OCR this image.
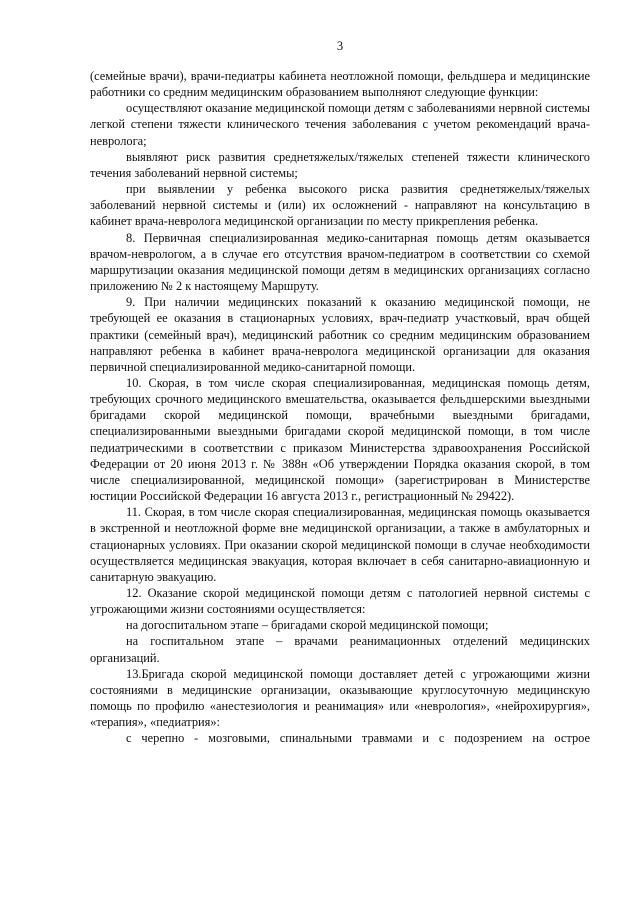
3

(семейные врачи), врачи-педиатры кабинета неотложной помощи, фельдшера и медицинские работники со средним медицинским образованием выполняют следующие функции:

осуществляют оказание медицинской помощи детям с заболеваниями нервной системы легкой степени тяжести клинического течения заболевания с учетом рекомендаций врача-невролога;

выявляют риск развития среднетяжелых/тяжелых степеней тяжести клинического течения заболеваний нервной системы;

при выявлении у ребенка высокого риска развития среднетяжелых/тяжелых заболеваний нервной системы и (или) их осложнений - направляют на консультацию в кабинет врача-невролога медицинской организации по месту прикрепления ребенка.

8. Первичная специализированная медико-санитарная помощь детям оказывается врачом-неврологом, а в случае его отсутствия врачом-педиатром в соответствии со схемой маршрутизации оказания медицинской помощи детям в медицинских организациях согласно приложению № 2 к настоящему Маршруту.

9. При наличии медицинских показаний к оказанию медицинской помощи, не требующей ее оказания в стационарных условиях, врач-педиатр участковый, врач общей практики (семейный врач), медицинский работник со средним медицинским образованием направляют ребенка в кабинет врача-невролога медицинской организации для оказания первичной специализированной медико-санитарной помощи.

10. Скорая, в том числе скорая специализированная, медицинская помощь детям, требующих срочного медицинского вмешательства, оказывается фельдшерскими выездными бригадами скорой медицинской помощи, врачебными выездными бригадами, специализированными выездными бригадами скорой медицинской помощи, в том числе педиатрическими в соответствии с приказом Министерства здравоохранения Российской Федерации от 20 июня 2013 г. № 388н «Об утверждении Порядка оказания скорой, в том числе специализированной, медицинской помощи» (зарегистрирован в Министерстве юстиции Российской Федерации 16 августа 2013 г., регистрационный № 29422).

11. Скорая, в том числе скорая специализированная, медицинская помощь оказывается в экстренной и неотложной форме вне медицинской организации, а также в амбулаторных и стационарных условиях. При оказании скорой медицинской помощи в случае необходимости осуществляется медицинская эвакуация, которая включает в себя санитарно-авиационную и санитарную эвакуацию.

12. Оказание скорой медицинской помощи детям с патологией нервной системы с угрожающими жизни состояниями осуществляется:

на догоспитальном этапе – бригадами скорой медицинской помощи;

на госпитальном этапе – врачами реанимационных отделений медицинских организаций.

13.Бригада скорой медицинской помощи доставляет детей с угрожающими жизни состояниями в медицинские организации, оказывающие круглосуточную медицинскую помощь по профилю «анестезиология и реанимация» или «неврология», «нейрохирургия», «терапия», «педиатрия»:

с черепно - мозговыми, спинальными травмами и с подозрением на острое
